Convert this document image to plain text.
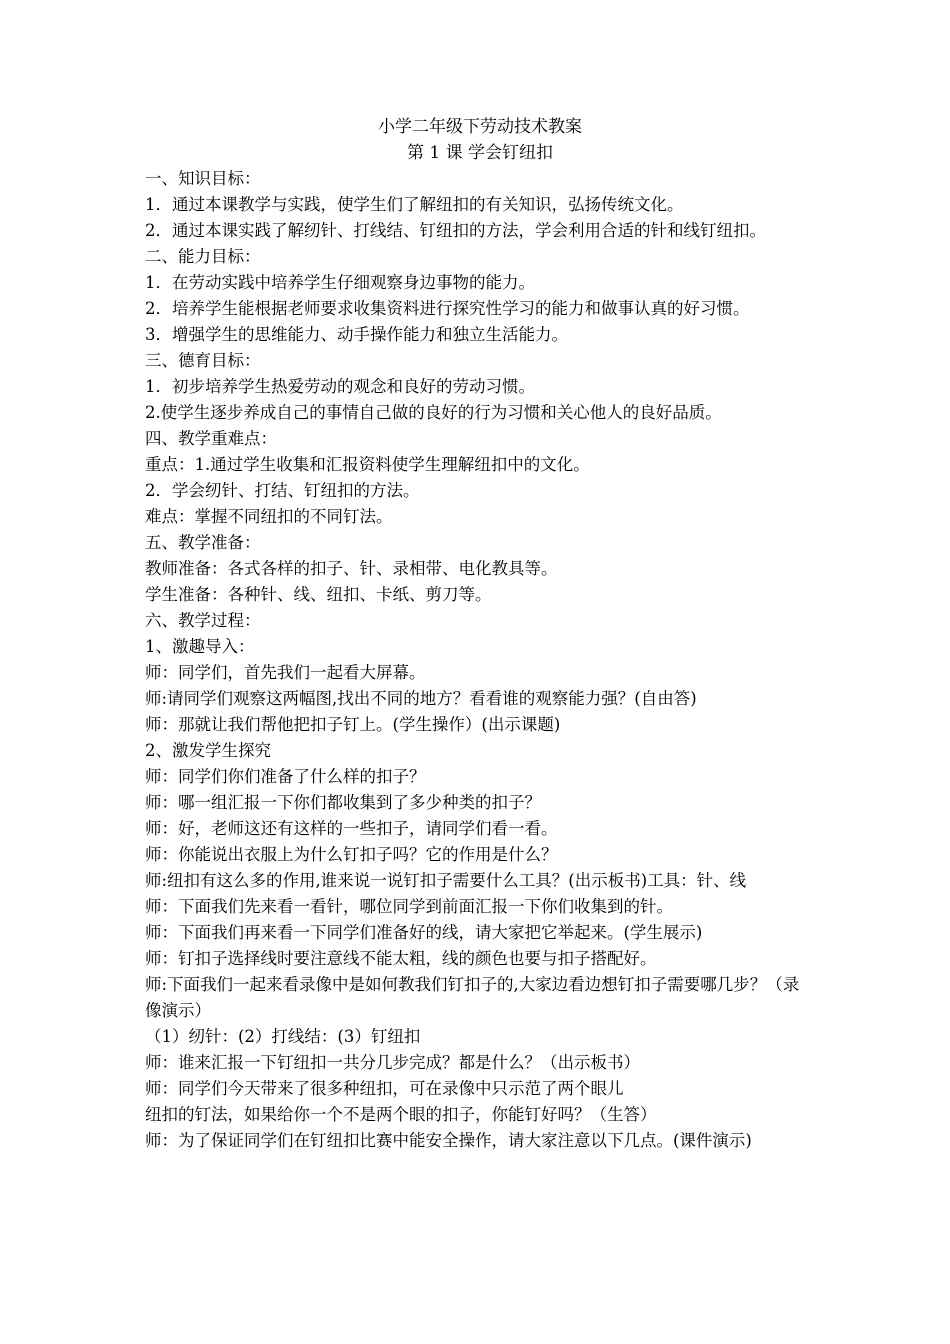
小学二年级下劳动技术教案
第 1 课 学会钉纽扣

一、知识目标：

1．通过本课教学与实践，使学生们了解纽扣的有关知识，弘扬传统文化。

2．通过本课实践了解纫针、打线结、钉纽扣的方法，学会利用合适的针和线钉纽扣。

二、能力目标：

1．在劳动实践中培养学生仔细观察身边事物的能力。

2．培养学生能根据老师要求收集资料进行探究性学习的能力和做事认真的好习惯。

3．增强学生的思维能力、动手操作能力和独立生活能力。

三、德育目标：

1．初步培养学生热爱劳动的观念和良好的劳动习惯。

2.使学生逐步养成自己的事情自己做的良好的行为习惯和关心他人的良好品质。

四、教学重难点：

重点：1.通过学生收集和汇报资料使学生理解纽扣中的文化。

2．学会纫针、打结、钉纽扣的方法。

难点：掌握不同纽扣的不同钉法。

五、教学准备：

教师准备：各式各样的扣子、针、录相带、电化教具等。

学生准备：各种针、线、纽扣、卡纸、剪刀等。

六、教学过程：

1、激趣导入：

师：同学们，首先我们一起看大屏幕。

师:请同学们观察这两幅图,找出不同的地方？看看谁的观察能力强？(自由答)

师：那就让我们帮他把扣子钉上。(学生操作）(出示课题)

2、激发学生探究

师：同学们你们准备了什么样的扣子？

师：哪一组汇报一下你们都收集到了多少种类的扣子？

师：好，老师这还有这样的一些扣子，请同学们看一看。

师：你能说出衣服上为什么钉扣子吗？它的作用是什么？

师:纽扣有这么多的作用,谁来说一说钉扣子需要什么工具？(出示板书)工具：针、线

师：下面我们先来看一看针，哪位同学到前面汇报一下你们收集到的针。

师：下面我们再来看一下同学们准备好的线，请大家把它举起来。(学生展示)

师：钉扣子选择线时要注意线不能太粗，线的颜色也要与扣子搭配好。

师:下面我们一起来看录像中是如何教我们钉扣子的,大家边看边想钉扣子需要哪几步？（录像演示）

（1）纫针：(2）打线结：(3）钉纽扣

师：谁来汇报一下钉纽扣一共分几步完成？都是什么？（出示板书）

师：同学们今天带来了很多种纽扣，可在录像中只示范了两个眼儿

纽扣的钉法，如果给你一个不是两个眼的扣子，你能钉好吗？（生答）

师：为了保证同学们在钉纽扣比赛中能安全操作，请大家注意以下几点。(课件演示)
